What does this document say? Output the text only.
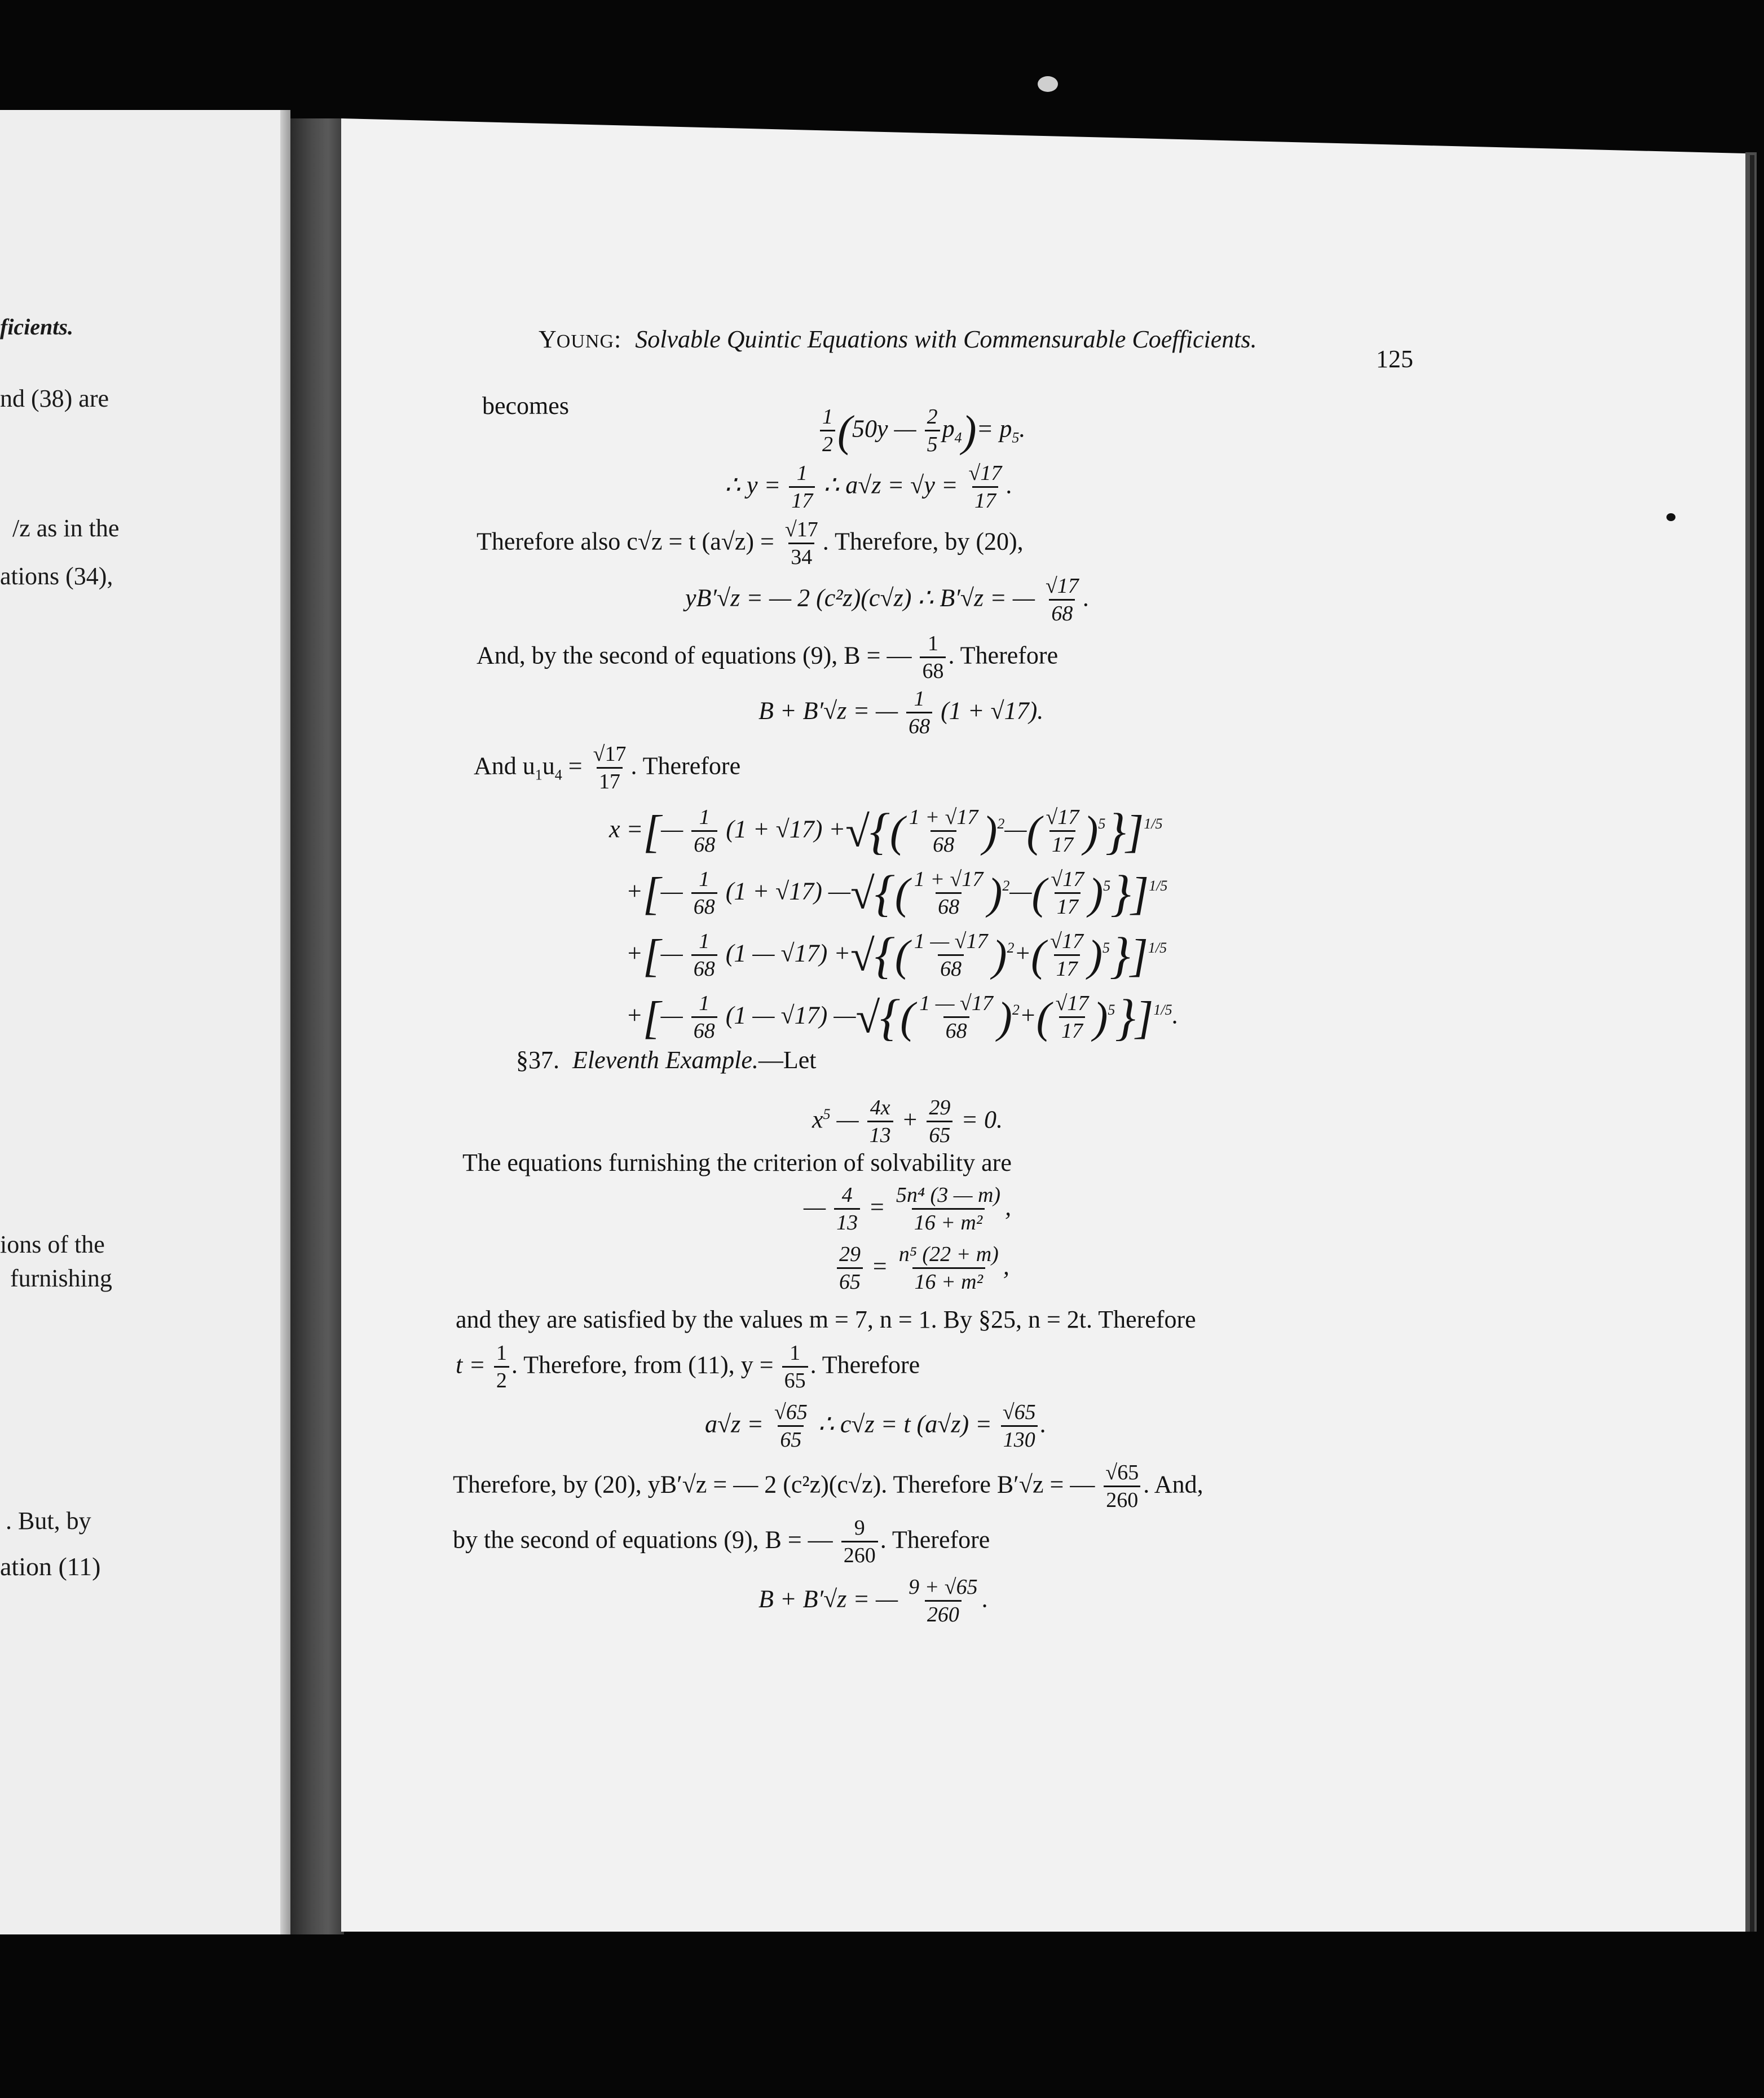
ficients.
nd (38) are
/z as in the
ations (34),
ions of the
furnishing
. But, by
ation (11)
YOUNG: Solvable Quintic Equations with Commensurable Coefficients.
125
becomes
$\frac{1}{2} (50y$ — $\frac{2}{5} p_4)= p_5$.
∴ $y = \frac{1}{17}$ ∴ $a√z = √y = \frac{√17}{17}$ .
Therefore also c√z = t $(a√z) = \frac{√17}{34}$ . Therefore, by (20),
yB′√z = — 2 (c²z)(c√z) ∴ B′√z = — $\frac{√17}{68}$ .
And, by the second of equations (9), B = — $\frac{1}{68}$ . Therefore
B + B′√z = — $\frac{1}{68} (1 + √17)$.
And $u_1u_4 = \frac{√17}{17}$ . Therefore
x =[— $\frac{1}{68} (1 + √17)$ +√{( $\frac{1 + √17}{68}$ )$^2$—( $\frac{√17}{17} )^5\}]^{1/5}$
+[— $\frac{1}{68} (1 + √17)$ —√{( $\frac{1 + √17}{68}$ )$^2$—( $\frac{√17}{17} )^5\}]^{1/5}$
+[— $\frac{1}{68} (1$ — √17) +√{( $\frac{1 — √17}{68} )^2+( \frac{√17}{17} )^5\}]^{1/5}$
+[— $\frac{1}{68} (1$ — √17) —√{( $\frac{1 — √17}{68} )^2+( \frac{√17}{17} )^5\}]^{1/5}$.
§37. Eleventh Example.—Let
$x^5$ — $\frac{4x}{13} + \frac{29}{65} = 0$.
The equations furnishing the criterion of solvability are
— $\frac{4}{13} = \frac{\text{5n⁴ (3 — m)}}{\text{16 + m²}}$ ,
$\frac{29}{65} = \frac{\text{n⁵ (22 + m)}}{\text{16 + m²}}$ ,
and they are satisfied by the values m = 7, n = 1. By §25, n = 2t. Therefore
$t = \frac{1}{2}$ . Therefore, from (11), $y = \frac{1}{65}$ . Therefore
$a√z = \frac{√65}{65}$ ∴ c√z = t $(a√z) = \frac{√65}{130}$ .
Therefore, by (20), yB′√z = — 2 (c²z)(c√z). Therefore B′√z = — $\frac{√65}{260}$ . And,
by the second of equations (9), B = — $\frac{9}{260}$ . Therefore
B + B′√z = — $\frac{9 + √65}{260}$ .
